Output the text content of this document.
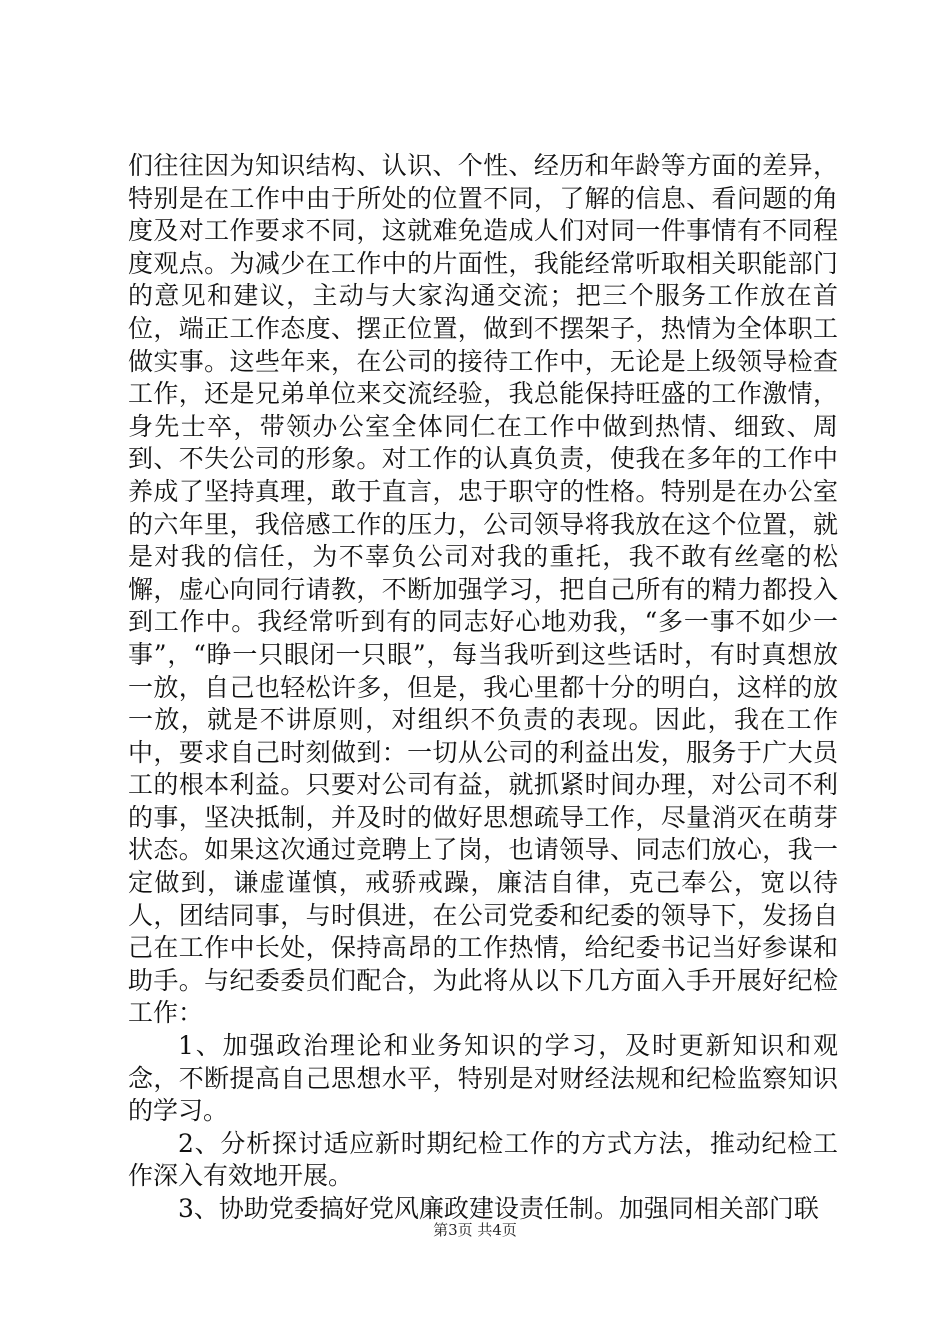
们往往因为知识结构、认识、个性、经历和年龄等方面的差异，特别是在工作中由于所处的位置不同，了解的信息、看问题的角度及对工作要求不同，这就难免造成人们对同一件事情有不同程度观点。为减少在工作中的片面性，我能经常听取相关职能部门的意见和建议，主动与大家沟通交流；把三个服务工作放在首位，端正工作态度、摆正位置，做到不摆架子，热情为全体职工做实事。这些年来，在公司的接待工作中，无论是上级领导检查工作，还是兄弟单位来交流经验，我总能保持旺盛的工作激情，身先士卒，带领办公室全体同仁在工作中做到热情、细致、周到、不失公司的形象。对工作的认真负责，使我在多年的工作中养成了坚持真理，敢于直言，忠于职守的性格。特别是在办公室的六年里，我倍感工作的压力，公司领导将我放在这个位置，就是对我的信任，为不辜负公司对我的重托，我不敢有丝毫的松懈，虚心向同行请教，不断加强学习，把自己所有的精力都投入到工作中。我经常听到有的同志好心地劝我，“多一事不如少一事”，“睁一只眼闭一只眼”，每当我听到这些话时，有时真想放一放，自己也轻松许多，但是，我心里都十分的明白，这样的放一放，就是不讲原则，对组织不负责的表现。因此，我在工作中，要求自己时刻做到：一切从公司的利益出发，服务于广大员工的根本利益。只要对公司有益，就抓紧时间办理，对公司不利的事，坚决抵制，并及时的做好思想疏导工作，尽量消灭在萌芽状态。如果这次通过竞聘上了岗，也请领导、同志们放心，我一定做到，谦虚谨慎，戒骄戒躁，廉洁自律，克己奉公，宽以待人，团结同事，与时俱进，在公司党委和纪委的领导下，发扬自己在工作中长处，保持高昂的工作热情，给纪委书记当好参谋和助手。与纪委委员们配合，为此将从以下几方面入手开展好纪检工作：

1、加强政治理论和业务知识的学习，及时更新知识和观念，不断提高自己思想水平，特别是对财经法规和纪检监察知识的学习。

2、分析探讨适应新时期纪检工作的方式方法，推动纪检工作深入有效地开展。

3、协助党委搞好党风廉政建设责任制。加强同相关部门联

第3页 共4页
